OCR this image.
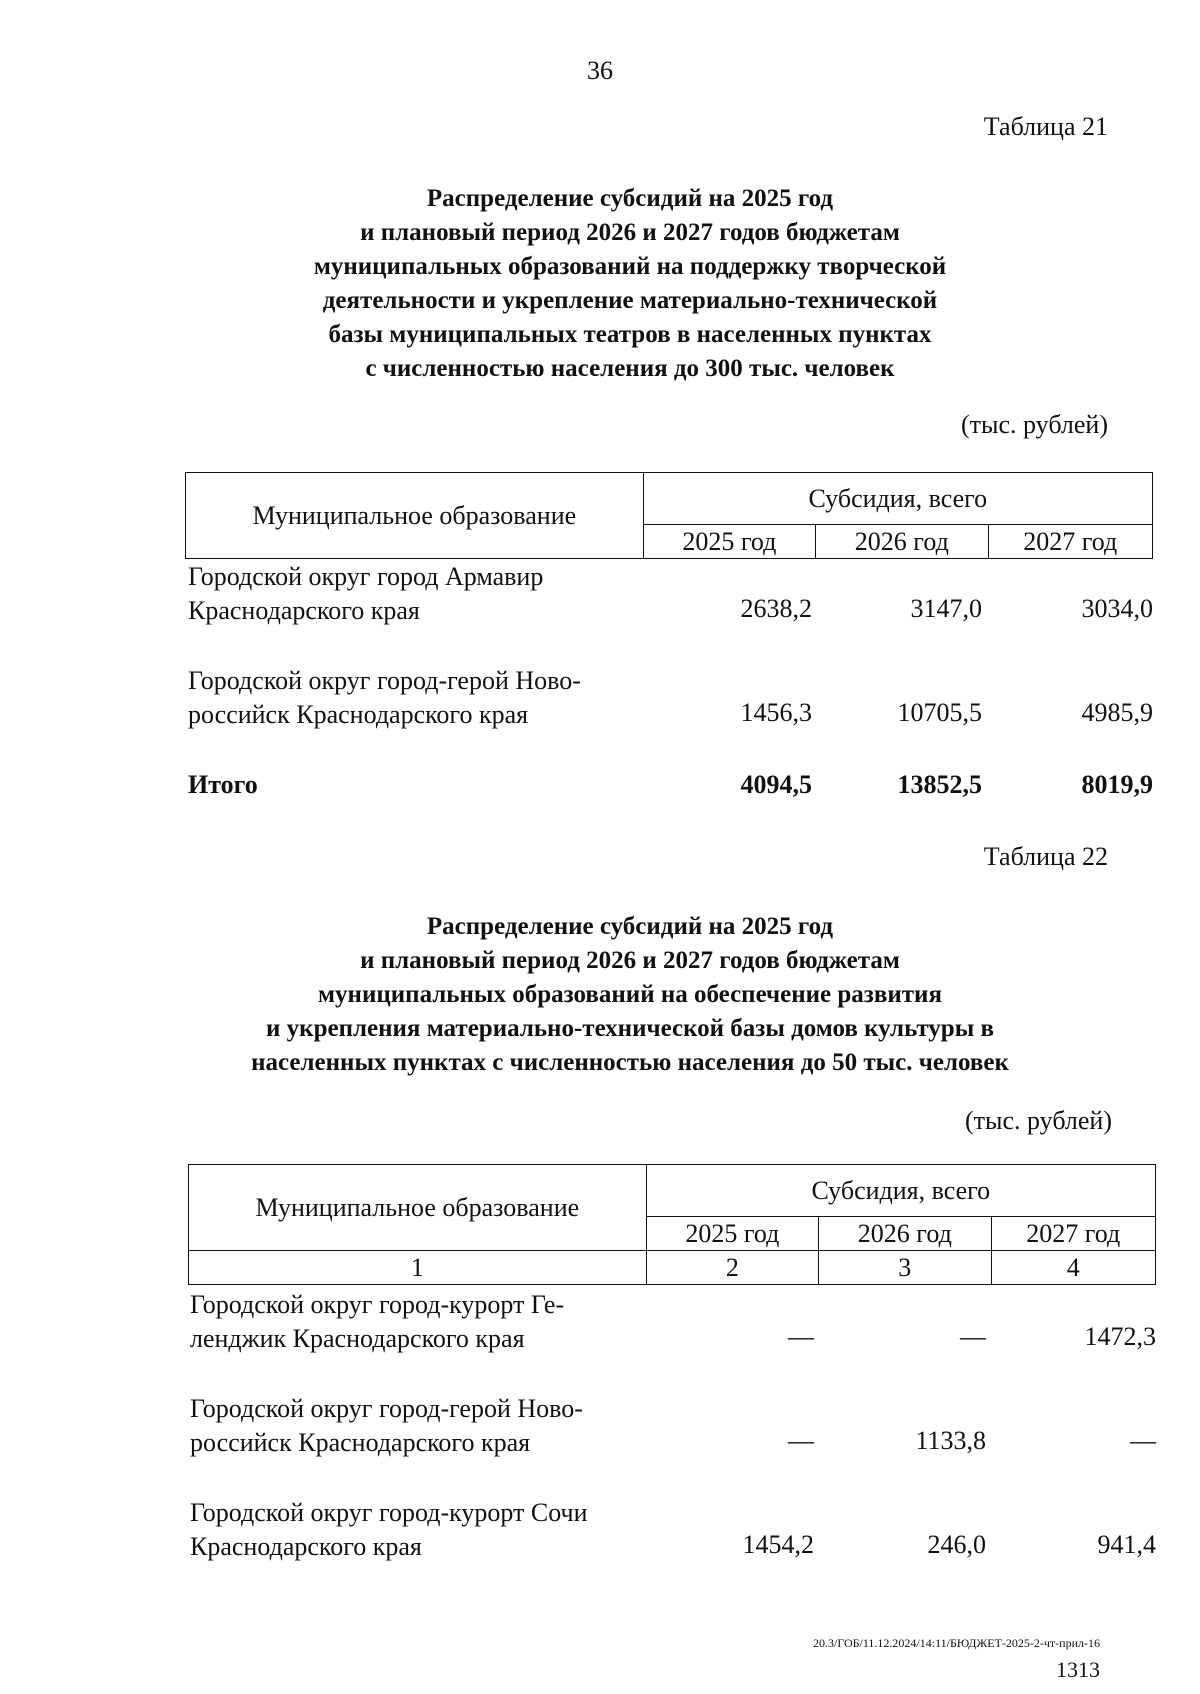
36
Таблица 21
Распределение субсидий на 2025 год
и плановый период 2026 и 2027 годов бюджетам
муниципальных образований на поддержку творческой
деятельности и укрепление материально-технической
базы муниципальных театров в населенных пунктах
с численностью населения до 300 тыс. человек
(тыс. рублей)
Муниципальное образование	Субсидия, всего		
	2025 год	2026 год	2027 год
Городской округ город Армавир
Краснодарского края	2638,2	3147,0	3034,0
Городской округ город-герой Ново-
российск Краснодарского края	1456,3	10705,5	4985,9
Итого	4094,5	13852,5	8019,9
Таблица 22
Распределение субсидий на 2025 год
и плановый период 2026 и 2027 годов бюджетам
муниципальных образований на обеспечение развития
и укрепления материально-технической базы домов культуры в
населенных пунктах с численностью населения до 50 тыс. человек
(тыс. рублей)
Муниципальное образование	Субсидия, всего		
	2025 год	2026 год	2027 год
1	2	3	4
Городской округ город-курорт Ге-
ленджик Краснодарского края	—	—	1472,3
Городской округ город-герой Ново-
российск Краснодарского края	—	1133,8	—
Городской округ город-курорт Сочи
Краснодарского края	1454,2	246,0	941,4
20.3/ГОБ/11.12.2024/14:11/БЮДЖЕТ-2025-2-чт-прил-16
1313
